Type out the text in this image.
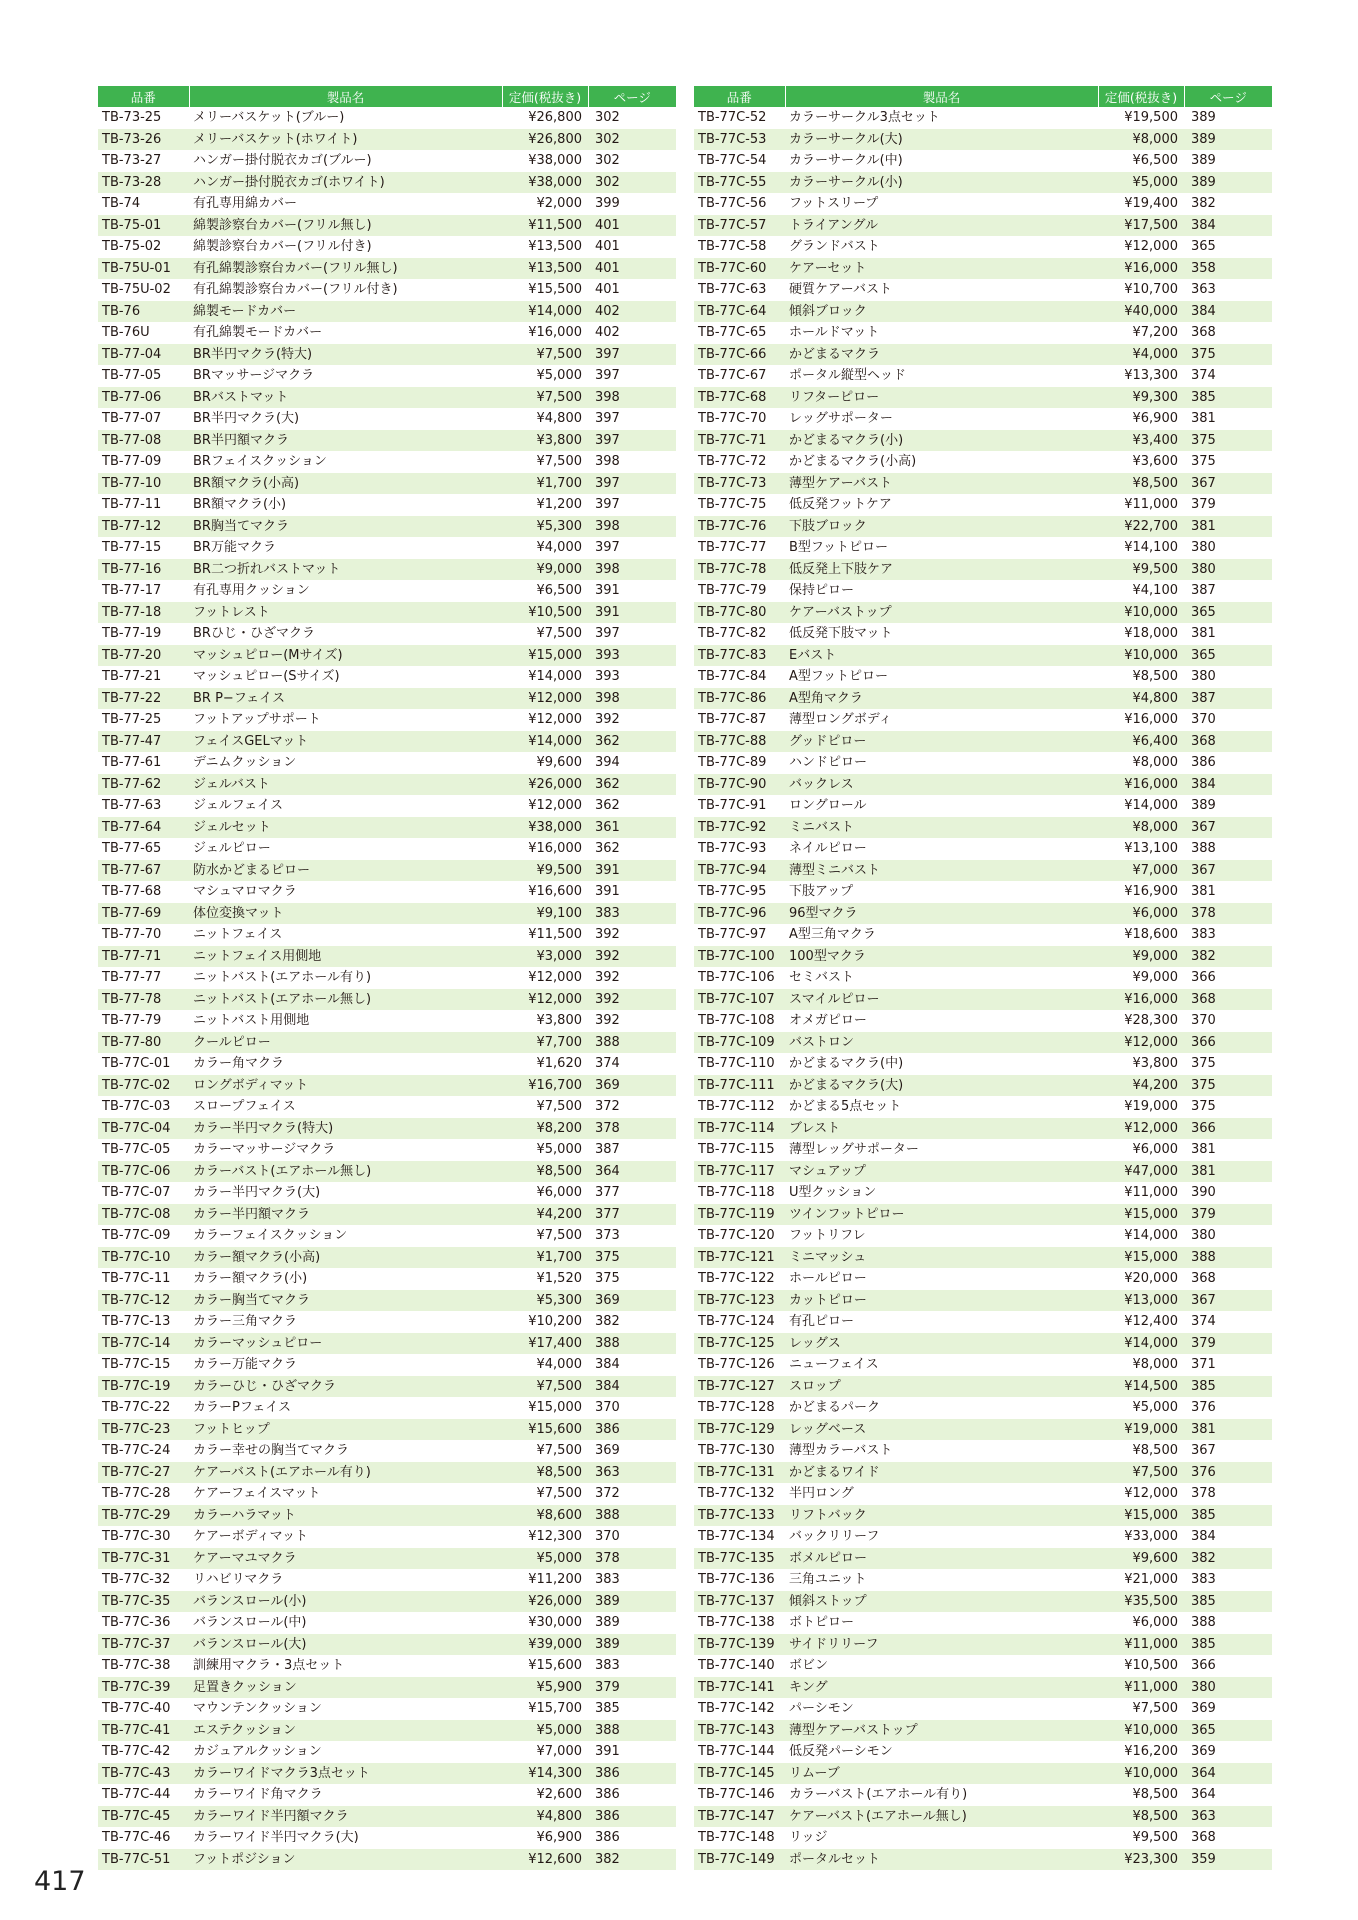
品番	製品名	定価(税抜き)	ページ
TB-73-25	メリーバスケット(ブルー)	¥26,800	302
TB-73-26	メリーバスケット(ホワイト)	¥26,800	302
TB-73-27	ハンガー掛付脱衣カゴ(ブルー)	¥38,000	302
TB-73-28	ハンガー掛付脱衣カゴ(ホワイト)	¥38,000	302
TB-74	有孔専用綿カバー	¥2,000	399
TB-75-01	綿製診察台カバー(フリル無し)	¥11,500	401
TB-75-02	綿製診察台カバー(フリル付き)	¥13,500	401
TB-75U-01	有孔綿製診察台カバー(フリル無し)	¥13,500	401
TB-75U-02	有孔綿製診察台カバー(フリル付き)	¥15,500	401
TB-76	綿製モードカバー	¥14,000	402
TB-76U	有孔綿製モードカバー	¥16,000	402
TB-77-04	BR半円マクラ(特大)	¥7,500	397
TB-77-05	BRマッサージマクラ	¥5,000	397
TB-77-06	BRバストマット	¥7,500	398
TB-77-07	BR半円マクラ(大)	¥4,800	397
TB-77-08	BR半円額マクラ	¥3,800	397
TB-77-09	BRフェイスクッション	¥7,500	398
TB-77-10	BR額マクラ(小高)	¥1,700	397
TB-77-11	BR額マクラ(小)	¥1,200	397
TB-77-12	BR胸当てマクラ	¥5,300	398
TB-77-15	BR万能マクラ	¥4,000	397
TB-77-16	BR二つ折れバストマット	¥9,000	398
TB-77-17	有孔専用クッション	¥6,500	391
TB-77-18	フットレスト	¥10,500	391
TB-77-19	BRひじ・ひざマクラ	¥7,500	397
TB-77-20	マッシュピロー(Mサイズ)	¥15,000	393
TB-77-21	マッシュピロー(Sサイズ)	¥14,000	393
TB-77-22	BR P−フェイス	¥12,000	398
TB-77-25	フットアップサポート	¥12,000	392
TB-77-47	フェイスGELマット	¥14,000	362
TB-77-61	デニムクッション	¥9,600	394
TB-77-62	ジェルバスト	¥26,000	362
TB-77-63	ジェルフェイス	¥12,000	362
TB-77-64	ジェルセット	¥38,000	361
TB-77-65	ジェルピロー	¥16,000	362
TB-77-67	防水かどまるピロー	¥9,500	391
TB-77-68	マシュマロマクラ	¥16,600	391
TB-77-69	体位変換マット	¥9,100	383
TB-77-70	ニットフェイス	¥11,500	392
TB-77-71	ニットフェイス用側地	¥3,000	392
TB-77-77	ニットバスト(エアホール有り)	¥12,000	392
TB-77-78	ニットバスト(エアホール無し)	¥12,000	392
TB-77-79	ニットバスト用側地	¥3,800	392
TB-77-80	クールピロー	¥7,700	388
TB-77C-01	カラー角マクラ	¥1,620	374
TB-77C-02	ロングボディマット	¥16,700	369
TB-77C-03	スロープフェイス	¥7,500	372
TB-77C-04	カラー半円マクラ(特大)	¥8,200	378
TB-77C-05	カラーマッサージマクラ	¥5,000	387
TB-77C-06	カラーバスト(エアホール無し)	¥8,500	364
TB-77C-07	カラー半円マクラ(大)	¥6,000	377
TB-77C-08	カラー半円額マクラ	¥4,200	377
TB-77C-09	カラーフェイスクッション	¥7,500	373
TB-77C-10	カラー額マクラ(小高)	¥1,700	375
TB-77C-11	カラー額マクラ(小)	¥1,520	375
TB-77C-12	カラー胸当てマクラ	¥5,300	369
TB-77C-13	カラー三角マクラ	¥10,200	382
TB-77C-14	カラーマッシュピロー	¥17,400	388
TB-77C-15	カラー万能マクラ	¥4,000	384
TB-77C-19	カラーひじ・ひざマクラ	¥7,500	384
TB-77C-22	カラーPフェイス	¥15,000	370
TB-77C-23	フットヒップ	¥15,600	386
TB-77C-24	カラー幸せの胸当てマクラ	¥7,500	369
TB-77C-27	ケアーバスト(エアホール有り)	¥8,500	363
TB-77C-28	ケアーフェイスマット	¥7,500	372
TB-77C-29	カラーハラマット	¥8,600	388
TB-77C-30	ケアーボディマット	¥12,300	370
TB-77C-31	ケアーマユマクラ	¥5,000	378
TB-77C-32	リハビリマクラ	¥11,200	383
TB-77C-35	バランスロール(小)	¥26,000	389
TB-77C-36	バランスロール(中)	¥30,000	389
TB-77C-37	バランスロール(大)	¥39,000	389
TB-77C-38	訓練用マクラ・3点セット	¥15,600	383
TB-77C-39	足置きクッション	¥5,900	379
TB-77C-40	マウンテンクッション	¥15,700	385
TB-77C-41	エステクッション	¥5,000	388
TB-77C-42	カジュアルクッション	¥7,000	391
TB-77C-43	カラーワイドマクラ3点セット	¥14,300	386
TB-77C-44	カラーワイド角マクラ	¥2,600	386
TB-77C-45	カラーワイド半円額マクラ	¥4,800	386
TB-77C-46	カラーワイド半円マクラ(大)	¥6,900	386
TB-77C-51	フットポジション	¥12,600	382
品番	製品名	定価(税抜き)	ページ
TB-77C-52	カラーサークル3点セット	¥19,500	389
TB-77C-53	カラーサークル(大)	¥8,000	389
TB-77C-54	カラーサークル(中)	¥6,500	389
TB-77C-55	カラーサークル(小)	¥5,000	389
TB-77C-56	フットスリープ	¥19,400	382
TB-77C-57	トライアングル	¥17,500	384
TB-77C-58	グランドバスト	¥12,000	365
TB-77C-60	ケアーセット	¥16,000	358
TB-77C-63	硬質ケアーバスト	¥10,700	363
TB-77C-64	傾斜ブロック	¥40,000	384
TB-77C-65	ホールドマット	¥7,200	368
TB-77C-66	かどまるマクラ	¥4,000	375
TB-77C-67	ポータル縦型ヘッド	¥13,300	374
TB-77C-68	リフターピロー	¥9,300	385
TB-77C-70	レッグサポーター	¥6,900	381
TB-77C-71	かどまるマクラ(小)	¥3,400	375
TB-77C-72	かどまるマクラ(小高)	¥3,600	375
TB-77C-73	薄型ケアーバスト	¥8,500	367
TB-77C-75	低反発フットケア	¥11,000	379
TB-77C-76	下肢ブロック	¥22,700	381
TB-77C-77	B型フットピロー	¥14,100	380
TB-77C-78	低反発上下肢ケア	¥9,500	380
TB-77C-79	保持ピロー	¥4,100	387
TB-77C-80	ケアーバストップ	¥10,000	365
TB-77C-82	低反発下肢マット	¥18,000	381
TB-77C-83	Eバスト	¥10,000	365
TB-77C-84	A型フットピロー	¥8,500	380
TB-77C-86	A型角マクラ	¥4,800	387
TB-77C-87	薄型ロングボディ	¥16,000	370
TB-77C-88	グッドピロー	¥6,400	368
TB-77C-89	ハンドピロー	¥8,000	386
TB-77C-90	バックレス	¥16,000	384
TB-77C-91	ロングロール	¥14,000	389
TB-77C-92	ミニバスト	¥8,000	367
TB-77C-93	ネイルピロー	¥13,100	388
TB-77C-94	薄型ミニバスト	¥7,000	367
TB-77C-95	下肢アップ	¥16,900	381
TB-77C-96	96型マクラ	¥6,000	378
TB-77C-97	A型三角マクラ	¥18,600	383
TB-77C-100	100型マクラ	¥9,000	382
TB-77C-106	セミバスト	¥9,000	366
TB-77C-107	スマイルピロー	¥16,000	368
TB-77C-108	オメガピロー	¥28,300	370
TB-77C-109	バストロン	¥12,000	366
TB-77C-110	かどまるマクラ(中)	¥3,800	375
TB-77C-111	かどまるマクラ(大)	¥4,200	375
TB-77C-112	かどまる5点セット	¥19,000	375
TB-77C-114	ブレスト	¥12,000	366
TB-77C-115	薄型レッグサポーター	¥6,000	381
TB-77C-117	マシュアップ	¥47,000	381
TB-77C-118	U型クッション	¥11,000	390
TB-77C-119	ツインフットピロー	¥15,000	379
TB-77C-120	フットリフレ	¥14,000	380
TB-77C-121	ミニマッシュ	¥15,000	388
TB-77C-122	ホールピロー	¥20,000	368
TB-77C-123	カットピロー	¥13,000	367
TB-77C-124	有孔ピロー	¥12,400	374
TB-77C-125	レッグス	¥14,000	379
TB-77C-126	ニューフェイス	¥8,000	371
TB-77C-127	スロップ	¥14,500	385
TB-77C-128	かどまるパーク	¥5,000	376
TB-77C-129	レッグベース	¥19,000	381
TB-77C-130	薄型カラーバスト	¥8,500	367
TB-77C-131	かどまるワイド	¥7,500	376
TB-77C-132	半円ロング	¥12,000	378
TB-77C-133	リフトバック	¥15,000	385
TB-77C-134	バックリリーフ	¥33,000	384
TB-77C-135	ボメルピロー	¥9,600	382
TB-77C-136	三角ユニット	¥21,000	383
TB-77C-137	傾斜ストップ	¥35,500	385
TB-77C-138	ボトピロー	¥6,000	388
TB-77C-139	サイドリリーフ	¥11,000	385
TB-77C-140	ボビン	¥10,500	366
TB-77C-141	キング	¥11,000	380
TB-77C-142	パーシモン	¥7,500	369
TB-77C-143	薄型ケアーバストップ	¥10,000	365
TB-77C-144	低反発パーシモン	¥16,200	369
TB-77C-145	リムーブ	¥10,000	364
TB-77C-146	カラーバスト(エアホール有り)	¥8,500	364
TB-77C-147	ケアーバスト(エアホール無し)	¥8,500	363
TB-77C-148	リッジ	¥9,500	368
TB-77C-149	ポータルセット	¥23,300	359
417
